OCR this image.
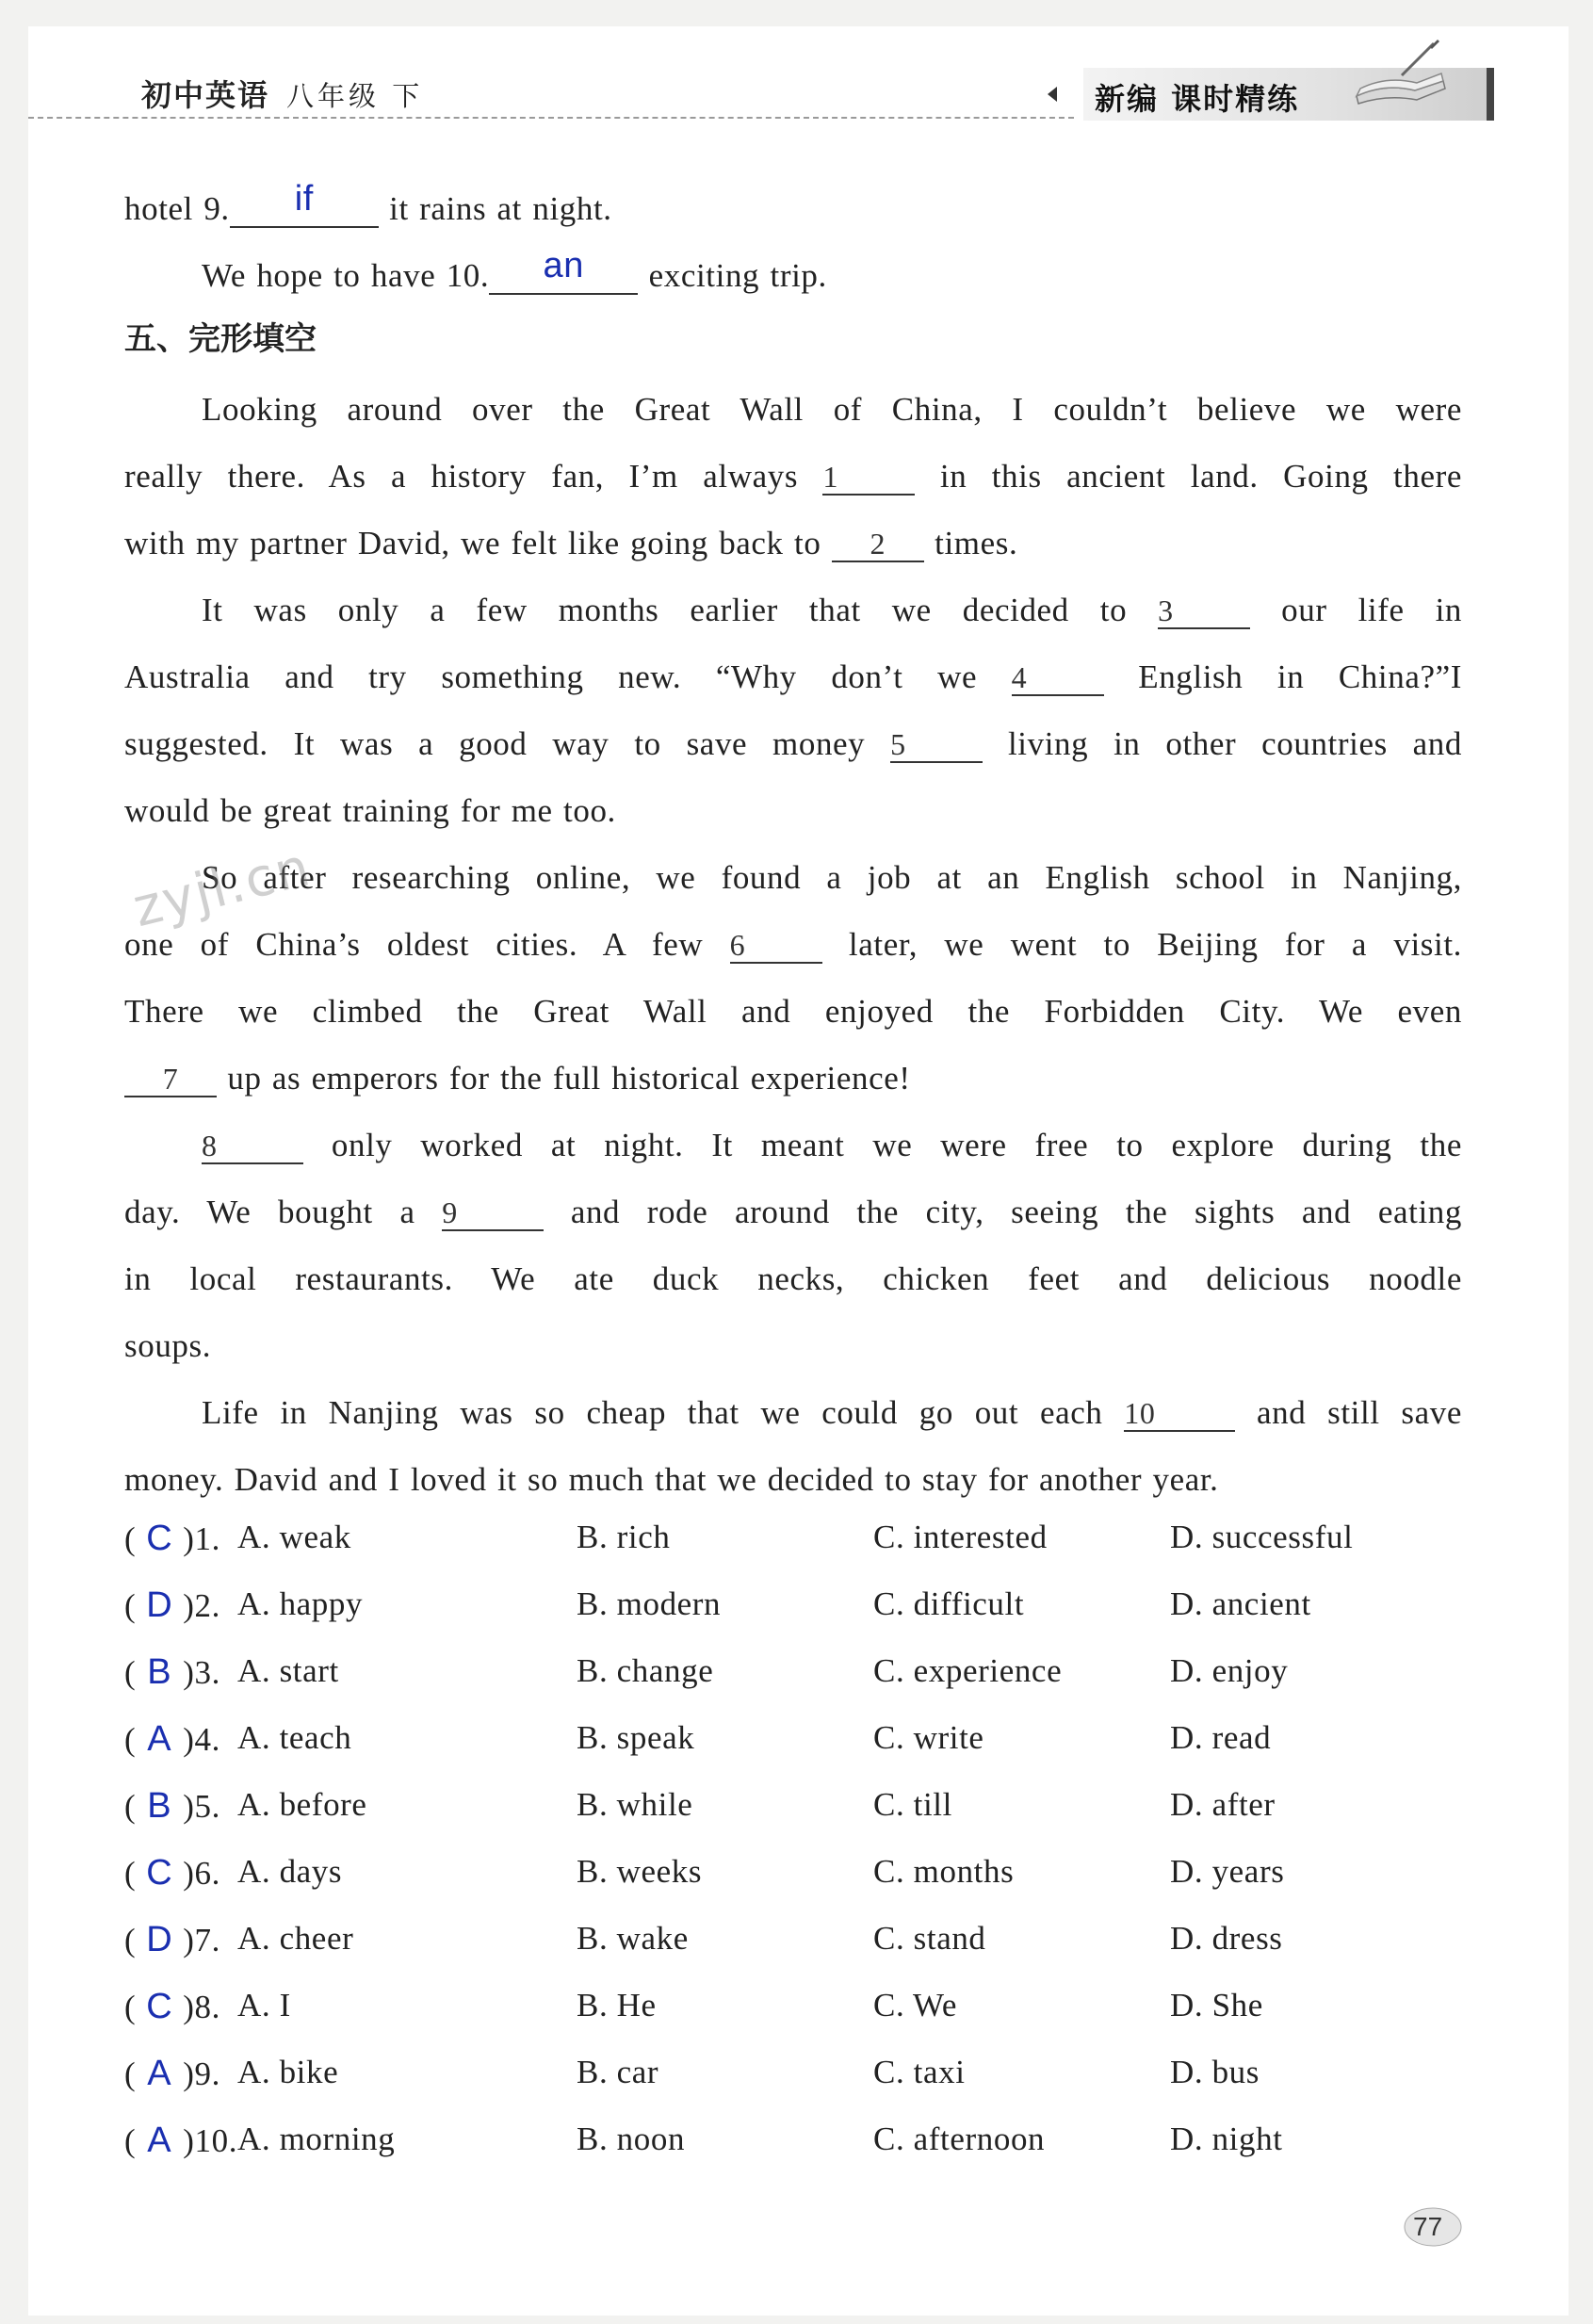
初中英语 八年级 下	新编 课时精练
hotel 9. if it rains at night.
We hope to have 10. an exciting trip.
五、完形填空
Looking around over the Great Wall of China, I couldn’t believe we were
really there. As a history fan, I’m always 1 in this ancient land. Going there
with my partner David, we felt like going back to 2 times.
It was only a few months earlier that we decided to 3 our life in
Australia and try something new. “Why don’t we 4 English in China?”I
suggested. It was a good way to save money 5 living in other countries and
would be great training for me too.
So after researching online, we found a job at an English school in Nanjing,
one of China’s oldest cities. A few 6 later, we went to Beijing for a visit.
There we climbed the Great Wall and enjoyed the Forbidden City. We even
7 up as emperors for the full historical experience!
8	only worked at night. It meant we were free to explore during the
day. We bought a 9	and rode around the city, seeing the sights and eating
in local restaurants. We ate duck necks, chicken feet and delicious noodle
soups.
Life in Nanjing was so cheap that we could go out each 10 and still save
money. David and I loved it so much that we decided to stay for another year.
( C )1. A. weak	B. rich	C. interested	D. successful
( D )2. A. happy	B. modern	C. difficult	D. ancient
( B )3. A. start	B. change	C. experience	D. enjoy
( A )4. A. teach	B. speak	C. write	D. read
( B )5. A. before	B. while	C. till	D. after
( C )6. A. days	B. weeks	C. months	D. years
( D )7. A. cheer	B. wake	C. stand	D. dress
( C )8. A. I	B. He	C. We	D. She
( A )9. A. bike	B. car	C. taxi	D. bus
( A )10. A. morning	B. noon	C. afternoon	D. night
zyjl.cn
77
